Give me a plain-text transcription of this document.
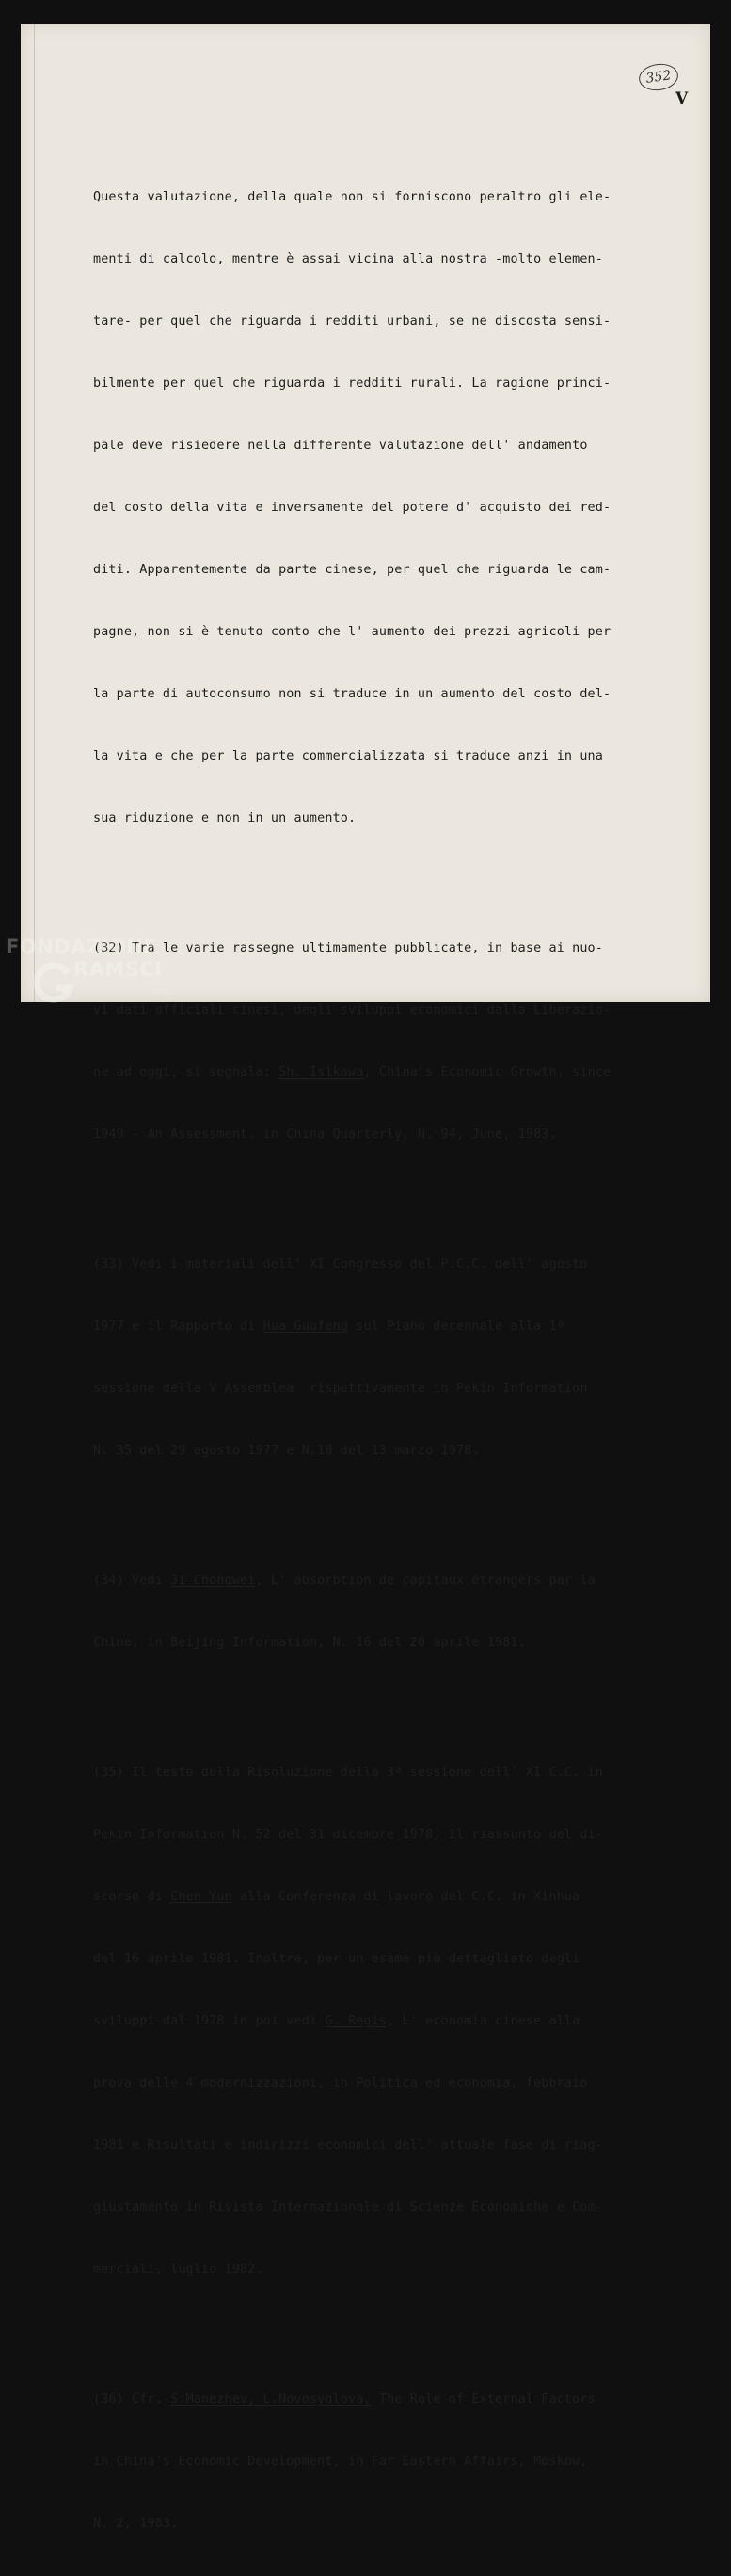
352
V

Questa valutazione, della quale non si forniscono peraltro gli ele-

menti di calcolo, mentre è assai vicina alla nostra -molto elemen-

tare- per quel che riguarda i redditi urbani, se ne discosta sensi-

bilmente per quel che riguarda i redditi rurali. La ragione princi-

pale deve risiedere nella differente valutazione dell' andamento

del costo della vita e inversamente del potere d' acquisto dei red-

diti. Apparentemente da parte cinese, per quel che riguarda le cam-

pagne, non si è tenuto conto che l' aumento dei prezzi agricoli per

la parte di autoconsumo non si traduce in un aumento del costo del-

la vita e che per la parte commercializzata si traduce anzi in una

sua riduzione e non in un aumento.

(32) Tra le varie rassegne ultimamente pubblicate, in base ai nuo-

vi dati ufficiali cinesi, degli sviluppi economici dalla Liberazio-

ne ad oggi, si segnala: Sh. Isikawa, China's Economic Growth, since

1949 - An Assessment. in China Quarterly, N. 94, June, 1983.

(33) Vedi i materiali dell' XI Congresso del P.C.C. dell' agosto

1977 e il Rapporto di Hua Guofeng sul Piano decennale alla 1ª

sessione della V Assemblea  rispettivamente in Pekin Information

N. 35 del 29 agosto 1977 e N.10 del 13 marzo 1978.

(34) Vedi Ji Chongwei, L' absorbtion de capitaux étrangèrs par la

Chine, in Beijing Information, N. 16 del 20 aprile 1981.

(35) Il testo della Risoluzione della 3ª sessione dell' XI C.C. in

Pekin Information N. 52 del 31 dicembre 1978, il riassunto del di-

scorso di Chen Yun alla Conferenza di lavoro del C.C. in Xinhua

del 16 aprile 1981. Inoltre, per un esame più dettagliato degli

sviluppi dal 1978 in poi vedi G. Regis, L' economia cinese alla

prova delle 4 modernizzazioni, in Politica ed economia, febbraio

1981 e Risultati e indirizzi economici dell' attuale fase di riag-

giustamento in Rivista Internazionale di Scienze Economiche e Com-

merciali, luglio 1982.

(36) Cfr. S.Manezhev, L.Novosyolova, The Role of External Factors

in China's Economic Development, in Far Eastern Affairs, Moskow,

N. 2, 1983.

FONDAZIONE
RAMSCI
onlus
